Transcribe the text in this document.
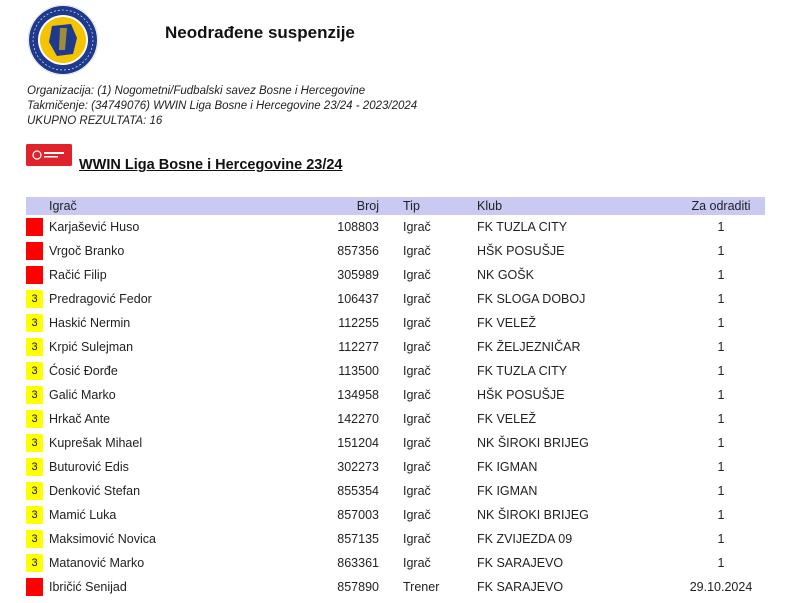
Neodrađene suspenzije
Organizacija: (1) Nogometni/Fudbalski savez Bosne i Hercegovine
Takmičenje: (34749076) WWIN Liga Bosne i Hercegovine 23/24 - 2023/2024
UKUPNO REZULTATA: 16
WWIN Liga Bosne i Hercegovine 23/24
	Igrač	Broj	Tip	Klub	Za odraditi
	Karjašević Huso	108803	Igrač	FK TUZLA CITY	1
	Vrgoč Branko	857356	Igrač	HŠK POSUŠJE	1
	Račić Filip	305989	Igrač	NK GOŠK	1
3	Predragović Fedor	106437	Igrač	FK SLOGA DOBOJ	1
3	Haskić Nermin	112255	Igrač	FK VELEŽ	1
3	Krpić Sulejman	112277	Igrač	FK ŽELJEZNIČAR	1
3	Ćosić Đorđe	113500	Igrač	FK TUZLA CITY	1
3	Galić Marko	134958	Igrač	HŠK POSUŠJE	1
3	Hrkač Ante	142270	Igrač	FK VELEŽ	1
3	Kuprešak Mihael	151204	Igrač	NK ŠIROKI BRIJEG	1
3	Buturović Edis	302273	Igrač	FK IGMAN	1
3	Denković Stefan	855354	Igrač	FK IGMAN	1
3	Mamić Luka	857003	Igrač	NK ŠIROKI BRIJEG	1
3	Maksimović Novica	857135	Igrač	FK ZVIJEZDA 09	1
3	Matanović Marko	863361	Igrač	FK SARAJEVO	1
	Ibričić Senijad	857890	Trener	FK SARAJEVO	29.10.2024
